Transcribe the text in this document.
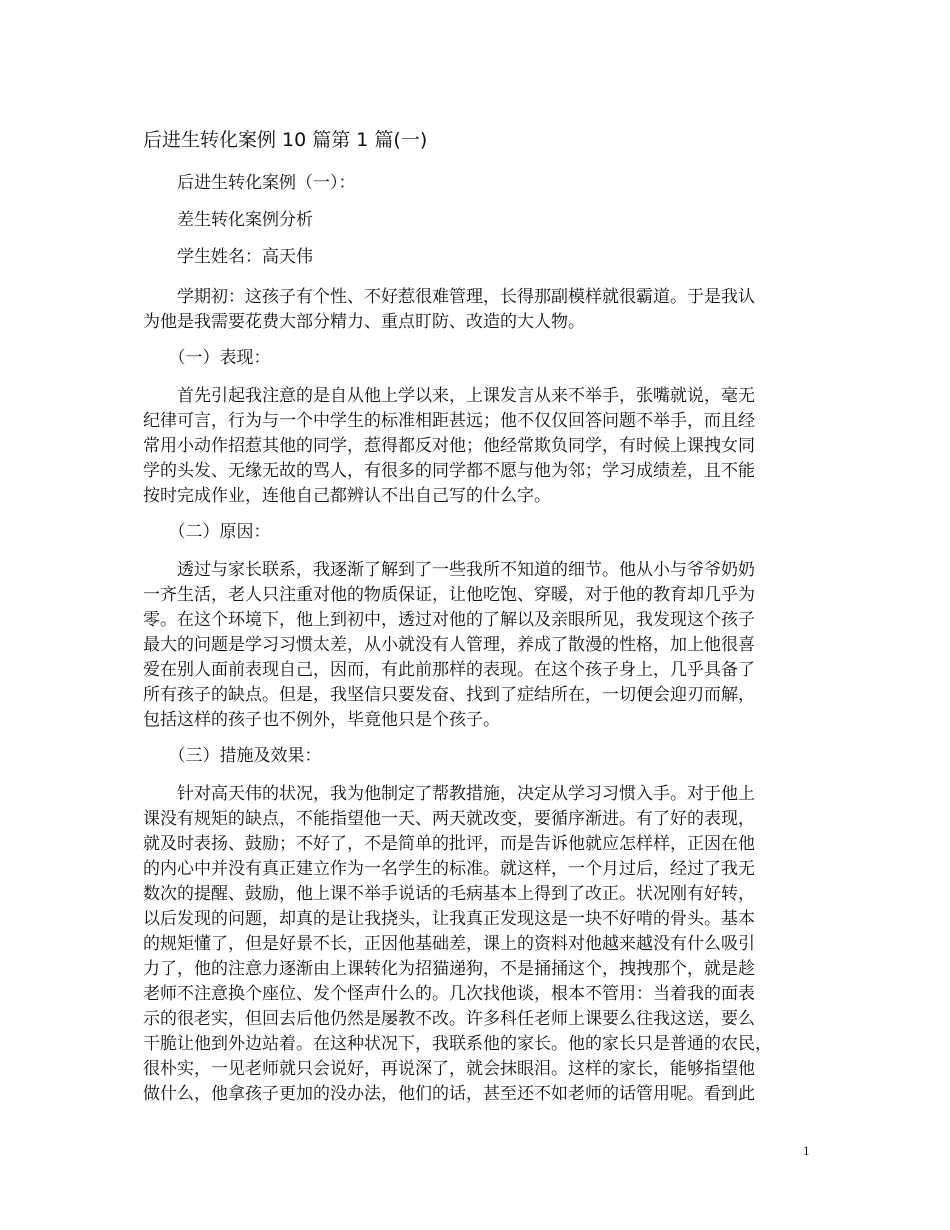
后进生转化案例 10 篇第 1 篇(一)
　　后进生转化案例（一）：
　　差生转化案例分析
　　学生姓名：高天伟
　　学期初：这孩子有个性、不好惹很难管理，长得那副模样就很霸道。于是我认
为他是我需要花费大部分精力、重点盯防、改造的大人物。
　　（一）表现：
　　首先引起我注意的是自从他上学以来，上课发言从来不举手，张嘴就说，毫无
纪律可言，行为与一个中学生的标准相距甚远；他不仅仅回答问题不举手，而且经
常用小动作招惹其他的同学，惹得都反对他；他经常欺负同学，有时候上课拽女同
学的头发、无缘无故的骂人，有很多的同学都不愿与他为邻；学习成绩差，且不能
按时完成作业，连他自己都辨认不出自己写的什么字。
　　（二）原因：
　　透过与家长联系，我逐渐了解到了一些我所不知道的细节。他从小与爷爷奶奶
一齐生活，老人只注重对他的物质保证，让他吃饱、穿暖，对于他的教育却几乎为
零。在这个环境下，他上到初中，透过对他的了解以及亲眼所见，我发现这个孩子
最大的问题是学习习惯太差，从小就没有人管理，养成了散漫的性格，加上他很喜
爱在别人面前表现自己，因而，有此前那样的表现。在这个孩子身上，几乎具备了
所有孩子的缺点。但是，我坚信只要发奋、找到了症结所在，一切便会迎刃而解，
包括这样的孩子也不例外，毕竟他只是个孩子。
　　（三）措施及效果：
　　针对高天伟的状况，我为他制定了帮教措施，决定从学习习惯入手。对于他上
课没有规矩的缺点，不能指望他一天、两天就改变，要循序渐进。有了好的表现，
就及时表扬、鼓励；不好了，不是简单的批评，而是告诉他就应怎样样，正因在他
的内心中并没有真正建立作为一名学生的标准。就这样，一个月过后，经过了我无
数次的提醒、鼓励，他上课不举手说话的毛病基本上得到了改正。状况刚有好转，
以后发现的问题，却真的是让我挠头，让我真正发现这是一块不好啃的骨头。基本
的规矩懂了，但是好景不长，正因他基础差，课上的资料对他越来越没有什么吸引
力了，他的注意力逐渐由上课转化为招猫递狗，不是捅捅这个，拽拽那个，就是趁
老师不注意换个座位、发个怪声什么的。几次找他谈，根本不管用：当着我的面表
示的很老实，但回去后他仍然是屡教不改。许多科任老师上课要么往我这送，要么
干脆让他到外边站着。在这种状况下，我联系他的家长。他的家长只是普通的农民，
很朴实，一见老师就只会说好，再说深了，就会抹眼泪。这样的家长，能够指望他
做什么，他拿孩子更加的没办法，他们的话，甚至还不如老师的话管用呢。看到此
1
